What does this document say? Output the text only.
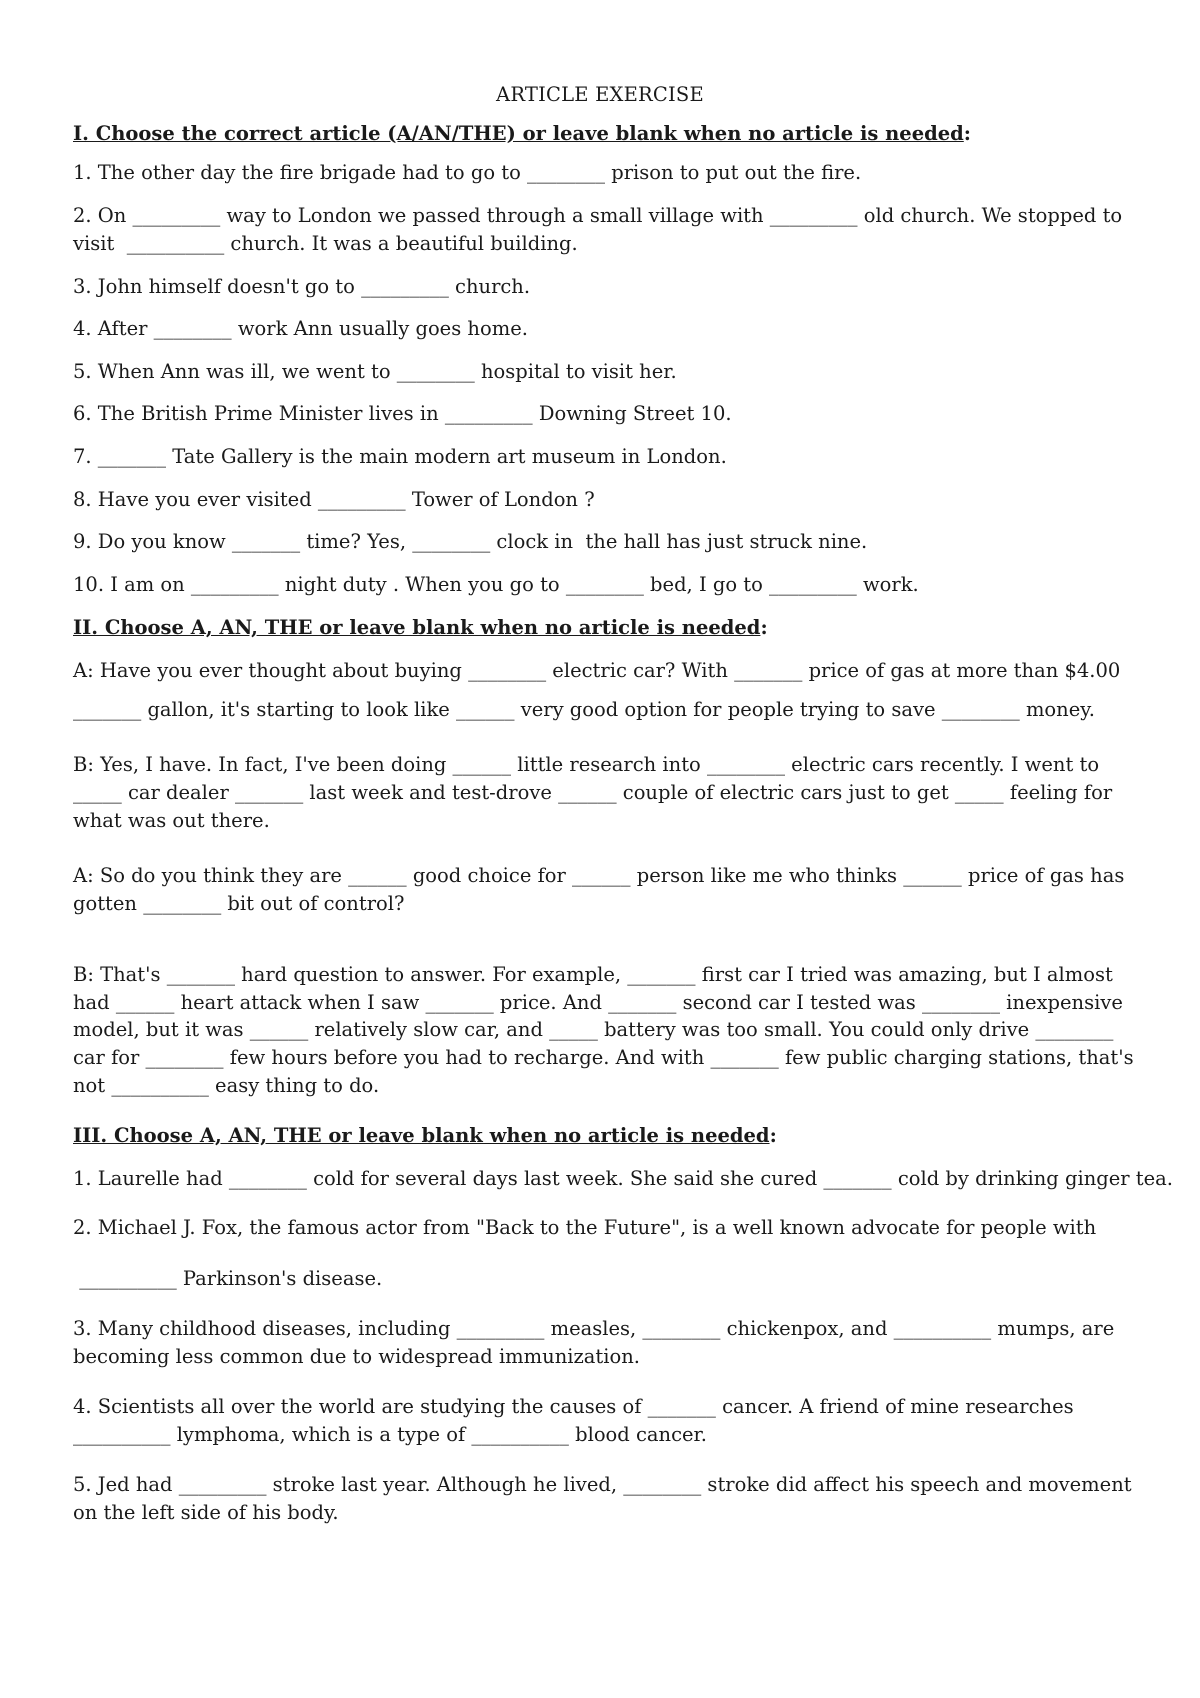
ARTICLE EXERCISE
I. Choose the correct article (A/AN/THE) or leave blank when no article is needed:
1. The other day the fire brigade had to go to ________ prison to put out the fire.
2. On _________ way to London we passed through a small village with _________ old church. We stopped to
visit  __________ church. It was a beautiful building.
3. John himself doesn't go to _________ church.
4. After ________ work Ann usually goes home.
5. When Ann was ill, we went to ________ hospital to visit her.
6. The British Prime Minister lives in _________ Downing Street 10.
7. _______ Tate Gallery is the main modern art museum in London.
8. Have you ever visited _________ Tower of London ?
9. Do you know _______ time? Yes, ________ clock in  the hall has just struck nine.
10. I am on _________ night duty . When you go to ________ bed, I go to _________ work.
II. Choose A, AN, THE or leave blank when no article is needed:
A: Have you ever thought about buying ________ electric car? With _______ price of gas at more than $4.00
_______ gallon, it's starting to look like ______ very good option for people trying to save ________ money.
B: Yes, I have. In fact, I've been doing ______ little research into ________ electric cars recently. I went to
_____ car dealer _______ last week and test-drove ______ couple of electric cars just to get _____ feeling for
what was out there.
A: So do you think they are ______ good choice for ______ person like me who thinks ______ price of gas has
gotten ________ bit out of control?
B: That's _______ hard question to answer. For example, _______ first car I tried was amazing, but I almost
had ______ heart attack when I saw _______ price. And _______ second car I tested was ________ inexpensive
model, but it was ______ relatively slow car, and _____ battery was too small. You could only drive ________
car for ________ few hours before you had to recharge. And with _______ few public charging stations, that's
not __________ easy thing to do.
III. Choose A, AN, THE or leave blank when no article is needed:
1. Laurelle had ________ cold for several days last week. She said she cured _______ cold by drinking ginger tea.
2. Michael J. Fox, the famous actor from "Back to the Future", is a well known advocate for people with
__________ Parkinson's disease.
3. Many childhood diseases, including _________ measles, ________ chickenpox, and __________ mumps, are
becoming less common due to widespread immunization.
4. Scientists all over the world are studying the causes of _______ cancer. A friend of mine researches
__________ lymphoma, which is a type of __________ blood cancer.
5. Jed had _________ stroke last year. Although he lived, ________ stroke did affect his speech and movement
on the left side of his body.
